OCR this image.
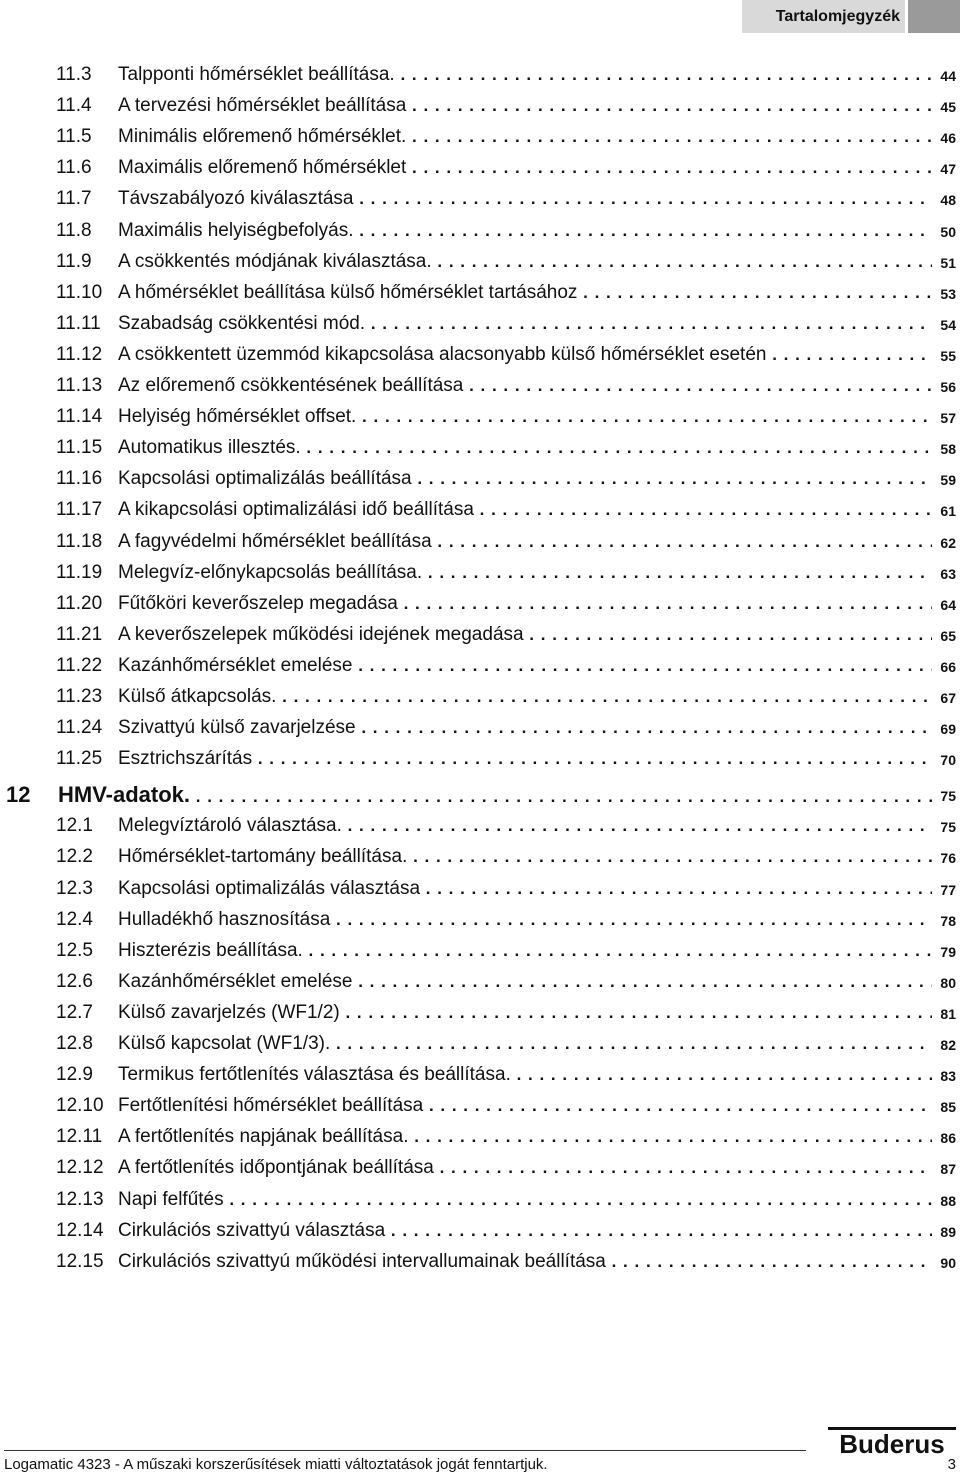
Tartalomjegyzék
11.3 Talpponti hőmérséklet beállítása. . . .	44
11.4 A tervezési hőmérséklet beállítása . . .	45
11.5 Minimális előremenő hőmérséklet. . . .	46
11.6 Maximális előremenő hőmérséklet . . .	47
11.7 Távszabályozó kiválasztása . . .	48
11.8 Maximális helyiségbefolyás. . . .	50
11.9 A csökkentés módjának kiválasztása. . . .	51
11.10 A hőmérséklet beállítása külső hőmérséklet tartásához . . .	53
11.11 Szabadság csökkentési mód. . . .	54
11.12 A csökkentett üzemmód kikapcsolása alacsonyabb külső hőmérséklet esetén . . .	55
11.13 Az előremenő csökkentésének beállítása . . .	56
11.14 Helyiség hőmérséklet offset. . . .	57
11.15 Automatikus illesztés. . . .	58
11.16 Kapcsolási optimalizálás beállítása . . .	59
11.17 A kikapcsolási optimalizálási idő beállítása . . .	61
11.18 A fagyvédelmi hőmérséklet beállítása . . .	62
11.19 Melegvíz-előnykapcsolás beállítása. . . .	63
11.20 Fűtőköri keverőszelep megadása . . .	64
11.21 A keverőszelepek működési idejének megadása . . .	65
11.22 Kazánhőmérséklet emelése . . .	66
11.23 Külső átkapcsolás. . . .	67
11.24 Szivattyú külső zavarjelzése . . .	69
11.25 Esztrichszárítás . . .	70
12 HMV-adatok. . . .	75
12.1 Melegvíztároló választása. . . .	75
12.2 Hőmérséklet-tartomány beállítása. . . .	76
12.3 Kapcsolási optimalizálás választása . . .	77
12.4 Hulladékhő hasznosítása . . .	78
12.5 Hiszterézis beállítása. . . .	79
12.6 Kazánhőmérséklet emelése . . .	80
12.7 Külső zavarjelzés (WF1/2) . . .	81
12.8 Külső kapcsolat (WF1/3). . . .	82
12.9 Termikus fertőtlenítés választása és beállítása. . . .	83
12.10 Fertőtlenítési hőmérséklet beállítása . . .	85
12.11 A fertőtlenítés napjának beállítása. . . .	86
12.12 A fertőtlenítés időpontjának beállítása . . .	87
12.13 Napi felfűtés . . .	88
12.14 Cirkulációs szivattyú választása . . .	89
12.15 Cirkulációs szivattyú működési intervallumainak beállítása . . .	90
Logamatic 4323 - A műszaki korszerűsítések miatti változtatások jogát fenntartjuk.	3
Buderus
